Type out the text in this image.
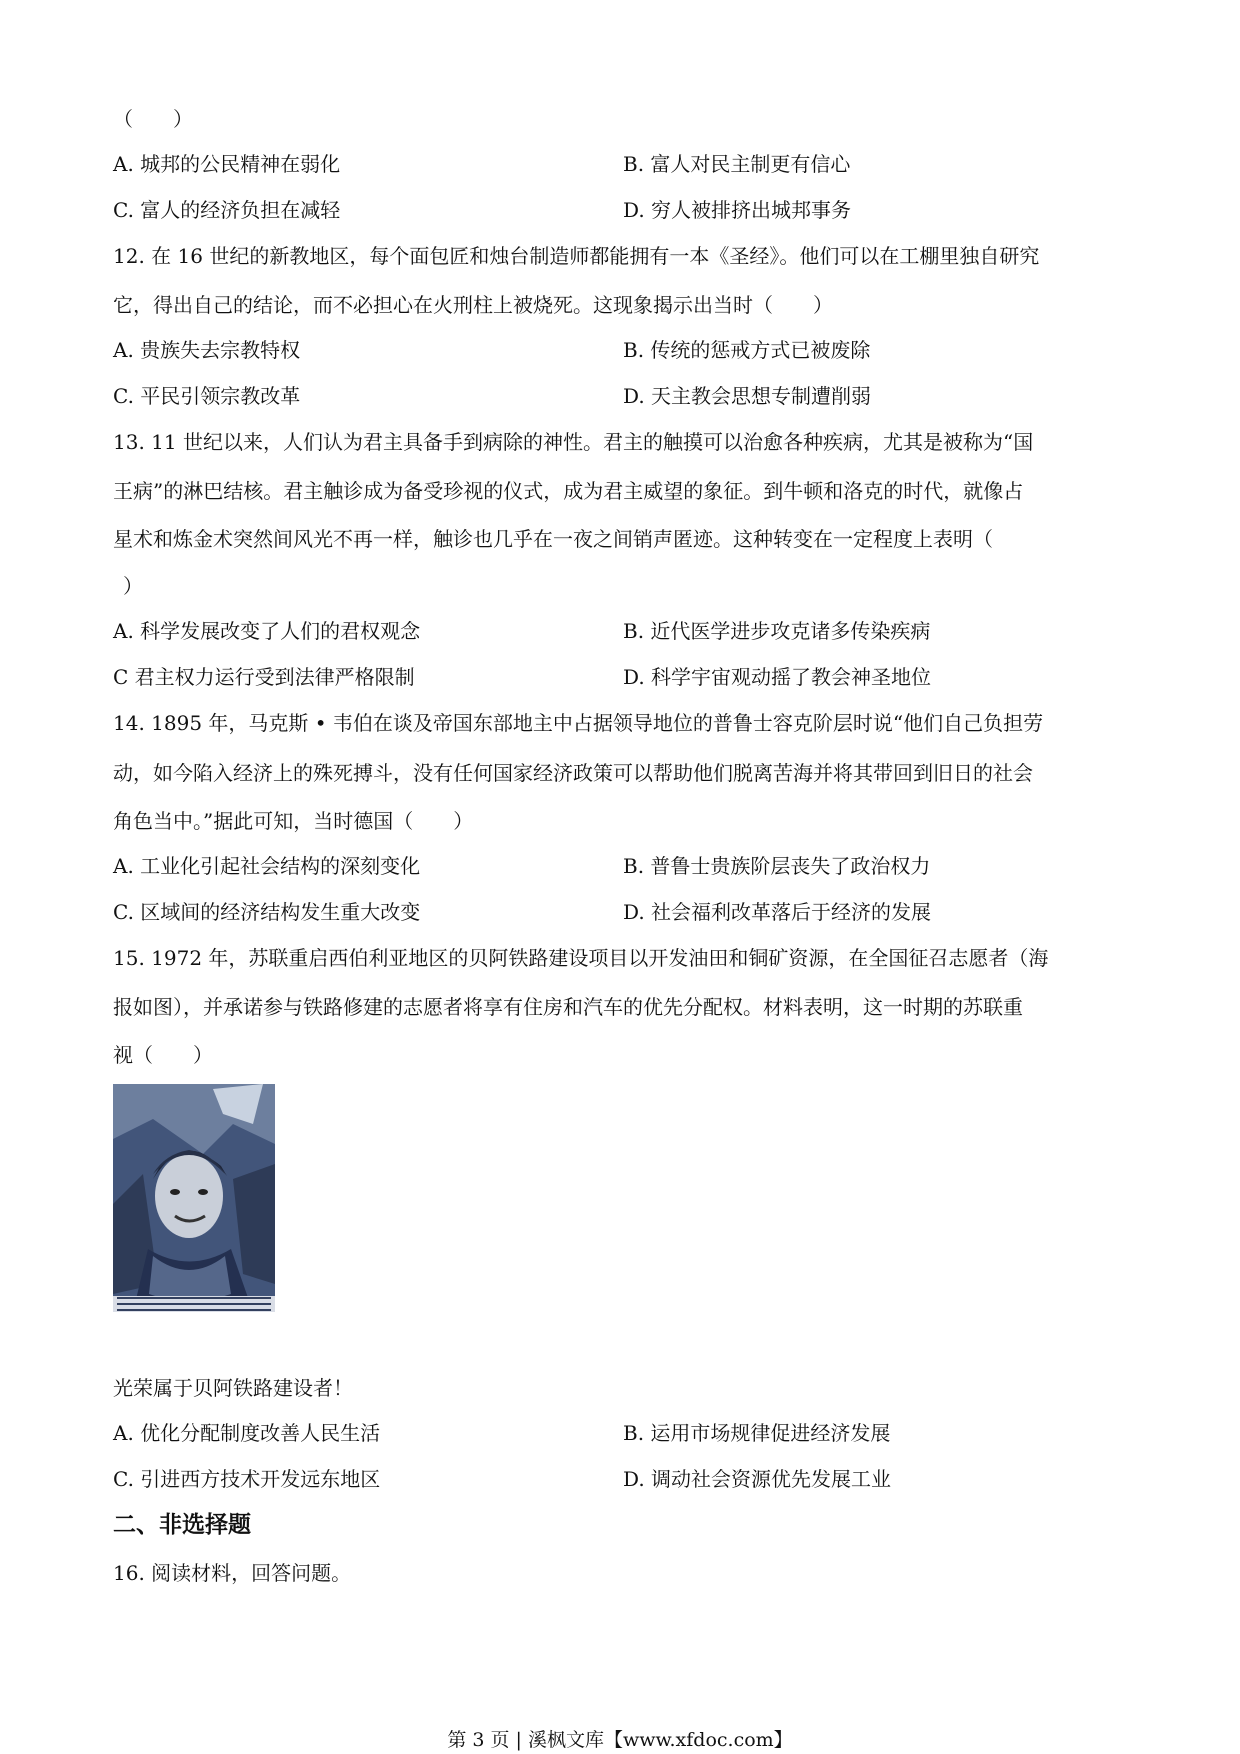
（　　）
A. 城邦的公民精神在弱化	B. 富人对民主制更有信心
C. 富人的经济负担在减轻	D. 穷人被排挤出城邦事务
12. 在 16 世纪的新教地区，每个面包匠和烛台制造师都能拥有一本《圣经》。他们可以在工棚里独自研究
它，得出自己的结论，而不必担心在火刑柱上被烧死。这现象揭示出当时（　　）
A. 贵族失去宗教特权	B. 传统的惩戒方式已被废除
C. 平民引领宗教改革	D. 天主教会思想专制遭削弱
13. 11 世纪以来，人们认为君主具备手到病除的神性。君主的触摸可以治愈各种疾病，尤其是被称为“国
王病”的淋巴结核。君主触诊成为备受珍视的仪式，成为君主威望的象征。到牛顿和洛克的时代，就像占
星术和炼金术突然间风光不再一样，触诊也几乎在一夜之间销声匿迹。这种转变在一定程度上表明（
）
A. 科学发展改变了人们的君权观念	B. 近代医学进步攻克诸多传染疾病
C 君主权力运行受到法律严格限制	D. 科学宇宙观动摇了教会神圣地位
14. 1895 年，马克斯 • 韦伯在谈及帝国东部地主中占据领导地位的普鲁士容克阶层时说“他们自己负担劳
动，如今陷入经济上的殊死搏斗，没有任何国家经济政策可以帮助他们脱离苦海并将其带回到旧日的社会
角色当中。”据此可知，当时德国（　　）
A. 工业化引起社会结构的深刻变化	B. 普鲁士贵族阶层丧失了政治权力
C. 区域间的经济结构发生重大改变	D. 社会福利改革落后于经济的发展
15. 1972 年，苏联重启西伯利亚地区的贝阿铁路建设项目以开发油田和铜矿资源，在全国征召志愿者（海
报如图），并承诺参与铁路修建的志愿者将享有住房和汽车的优先分配权。材料表明，这一时期的苏联重
视（　　）
光荣属于贝阿铁路建设者！
A. 优化分配制度改善人民生活	B. 运用市场规律促进经济发展
C. 引进西方技术开发远东地区	D. 调动社会资源优先发展工业
二、非选择题
16. 阅读材料，回答问题。
第 3 页 | 溪枫文库【www.xfdoc.com】
